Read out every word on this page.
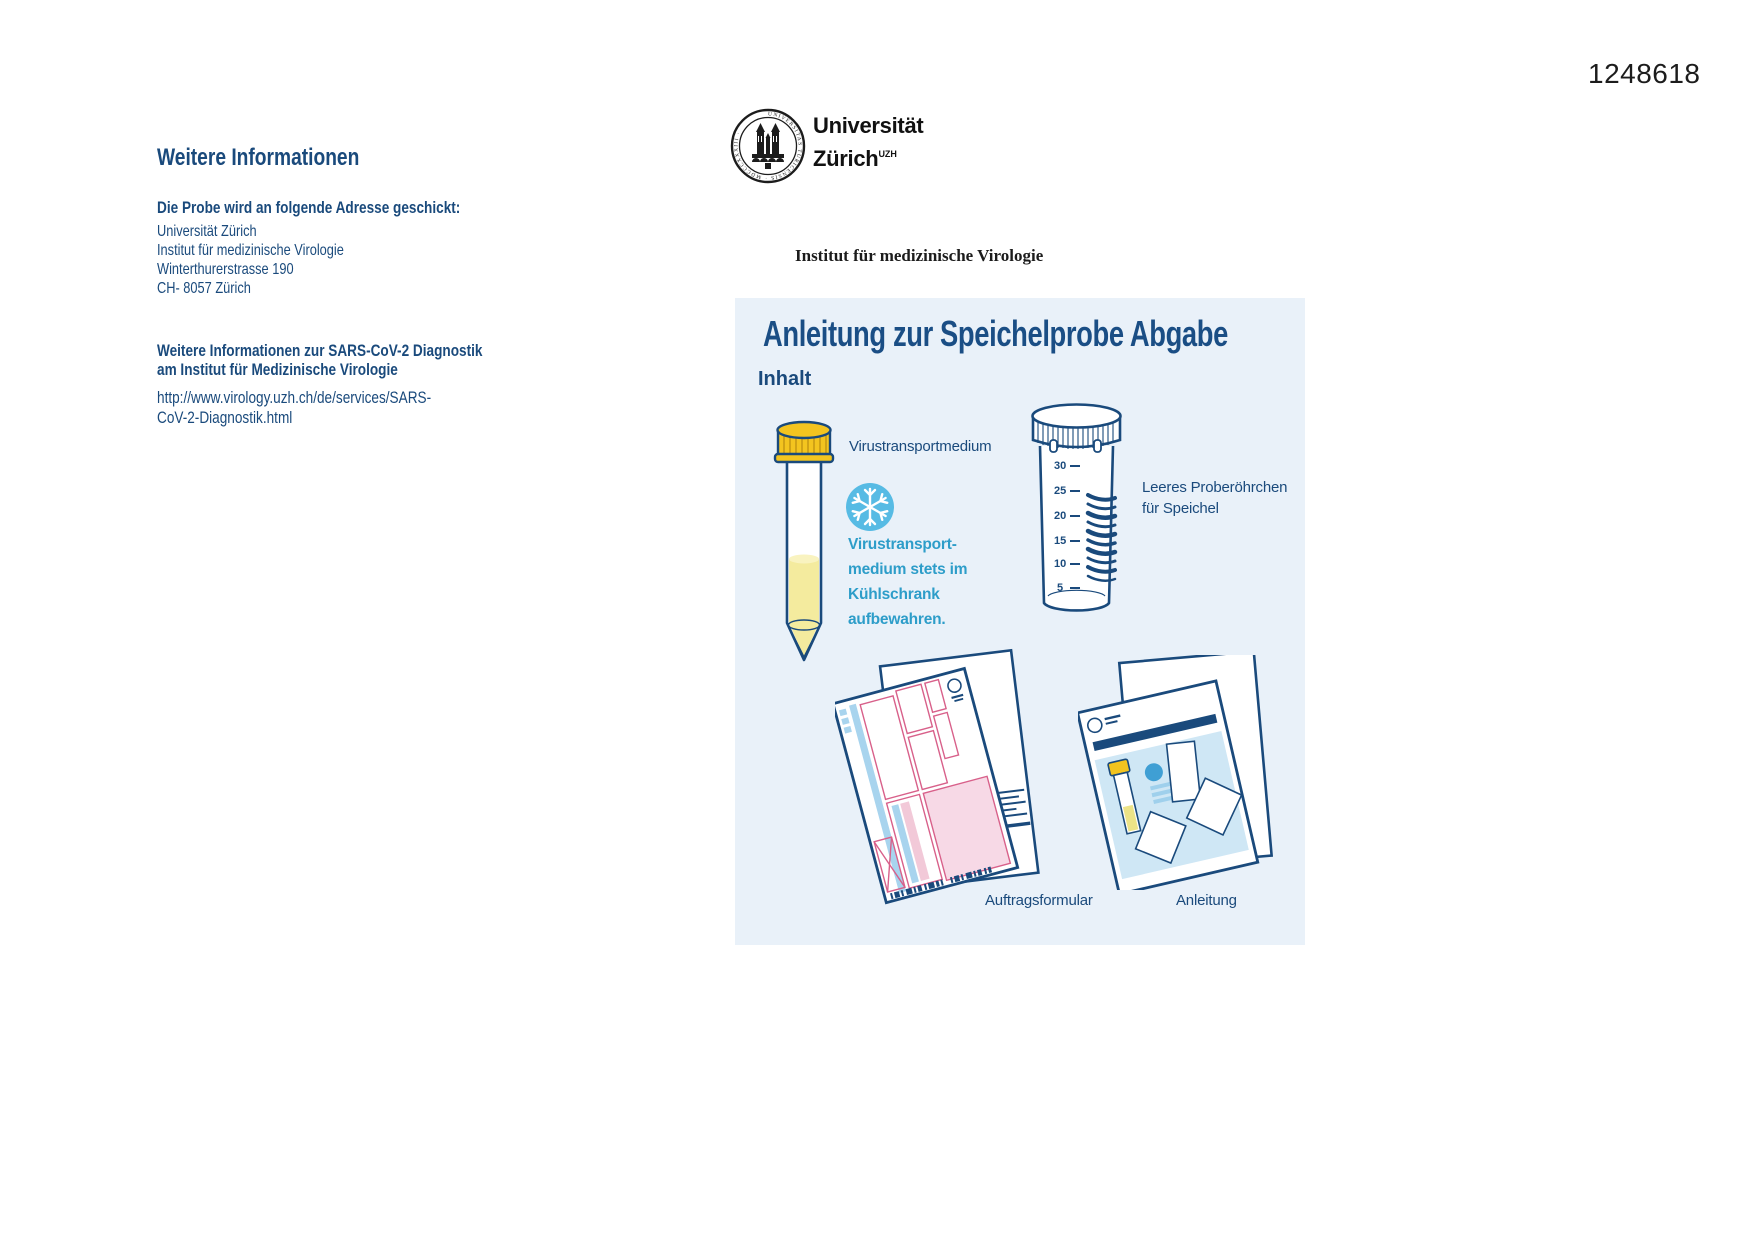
1248618
Weitere Informationen
Die Probe wird an folgende Adresse geschickt:
Universität Zürich
Institut für medizinische Virologie
Winterthurerstrasse 190
CH- 8057 Zürich
Weitere Informationen zur SARS-CoV-2 Diagnostik
am Institut für Medizinische Virologie
http://www.virology.uzh.ch/de/services/SARS-
CoV-2-Diagnostik.html
UNIVERSITAS TURICENSIS · MDCCCXXXIII ·	Universität
Zürich$^{UZH}$
Institut für medizinische Virologie
Anleitung zur Speichelprobe Abgabe
Inhalt
Virustransportmedium
Virustransport-
medium stets im
Kühlschrank
aufbewahren.
30
25
20
15
10
5
Leeres Proberöhrchen
für Speichel
Auftragsformular	Anleitung
